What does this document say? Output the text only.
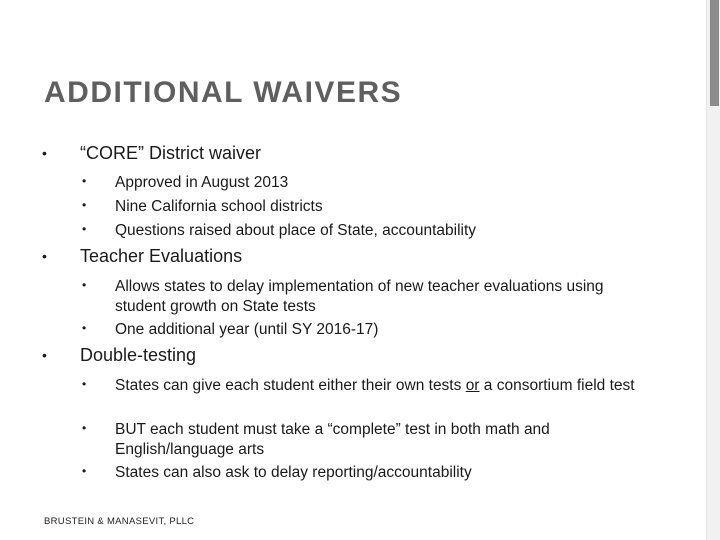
ADDITIONAL WAIVERS
• “CORE” District waiver
• Approved in August 2013
• Nine California school districts
• Questions raised about place of State, accountability
• Teacher Evaluations
• Allows states to delay implementation of new teacher evaluations using student growth on State tests
• One additional year (until SY 2016-17)
• Double-testing
• States can give each student either their own tests or a consortium field test
• BUT each student must take a “complete” test in both math and English/language arts
• States can also ask to delay reporting/accountability
BRUSTEIN & MANASEVIT, PLLC
